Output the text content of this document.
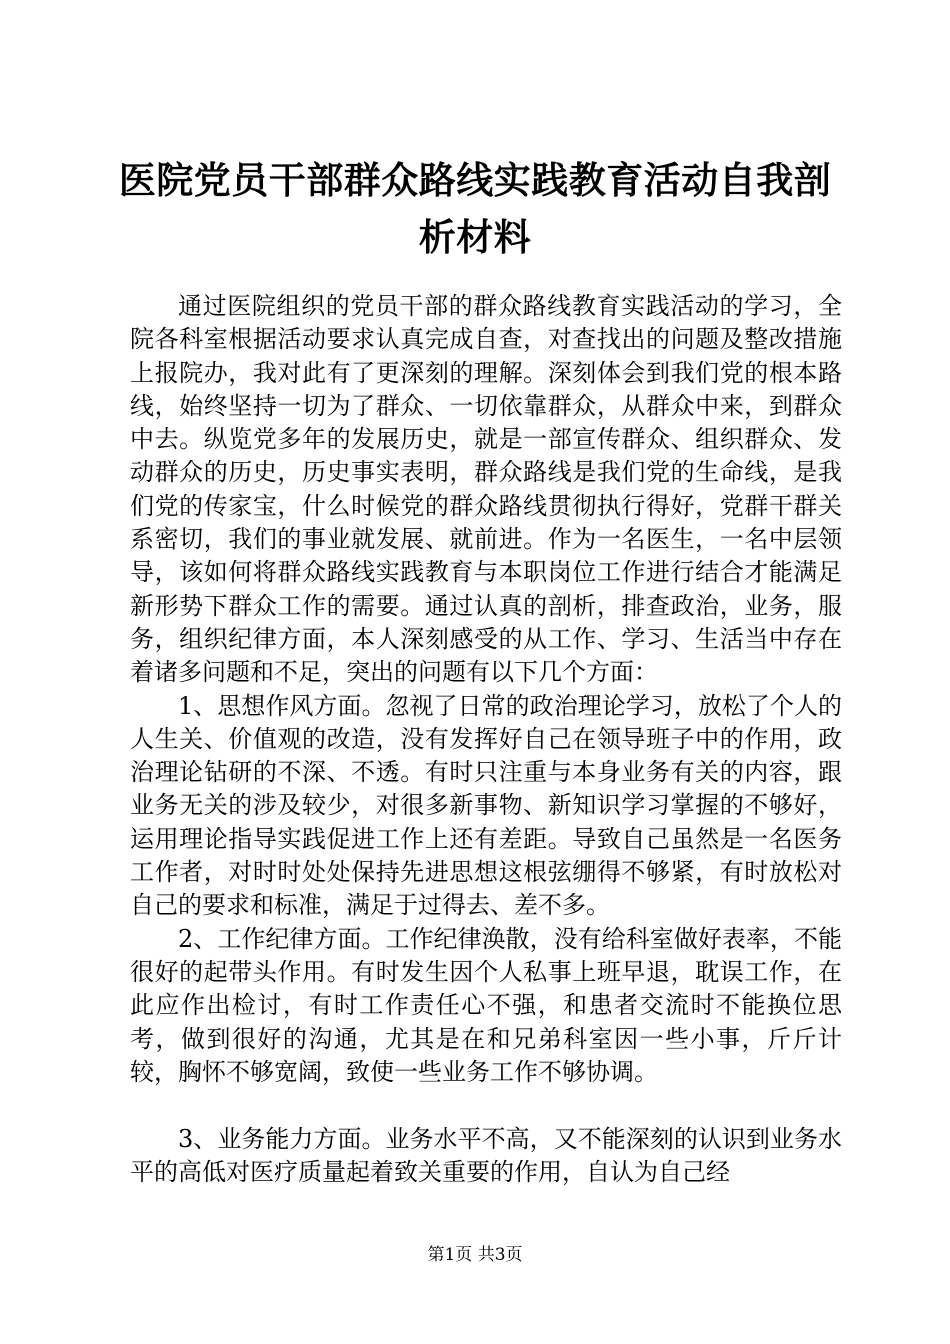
医院党员干部群众路线实践教育活动自我剖析材料

通过医院组织的党员干部的群众路线教育实践活动的学习，全院各科室根据活动要求认真完成自查，对查找出的问题及整改措施上报院办，我对此有了更深刻的理解。深刻体会到我们党的根本路线，始终坚持一切为了群众、一切依靠群众，从群众中来，到群众中去。纵览党多年的发展历史，就是一部宣传群众、组织群众、发动群众的历史，历史事实表明，群众路线是我们党的生命线，是我们党的传家宝，什么时候党的群众路线贯彻执行得好，党群干群关系密切，我们的事业就发展、就前进。作为一名医生，一名中层领导，该如何将群众路线实践教育与本职岗位工作进行结合才能满足新形势下群众工作的需要。通过认真的剖析，排查政治，业务，服务，组织纪律方面，本人深刻感受的从工作、学习、生活当中存在着诸多问题和不足，突出的问题有以下几个方面：

1、思想作风方面。忽视了日常的政治理论学习，放松了个人的人生关、价值观的改造，没有发挥好自己在领导班子中的作用，政治理论钻研的不深、不透。有时只注重与本身业务有关的内容，跟业务无关的涉及较少，对很多新事物、新知识学习掌握的不够好，运用理论指导实践促进工作上还有差距。导致自己虽然是一名医务工作者，对时时处处保持先进思想这根弦绷得不够紧，有时放松对自己的要求和标准，满足于过得去、差不多。

2、工作纪律方面。工作纪律涣散，没有给科室做好表率，不能很好的起带头作用。有时发生因个人私事上班早退，耽误工作，在此应作出检讨，有时工作责任心不强，和患者交流时不能换位思考，做到很好的沟通，尤其是在和兄弟科室因一些小事，斤斤计较，胸怀不够宽阔，致使一些业务工作不够协调。

3、业务能力方面。业务水平不高，又不能深刻的认识到业务水平的高低对医疗质量起着致关重要的作用，自认为自己经

第1页 共3页
